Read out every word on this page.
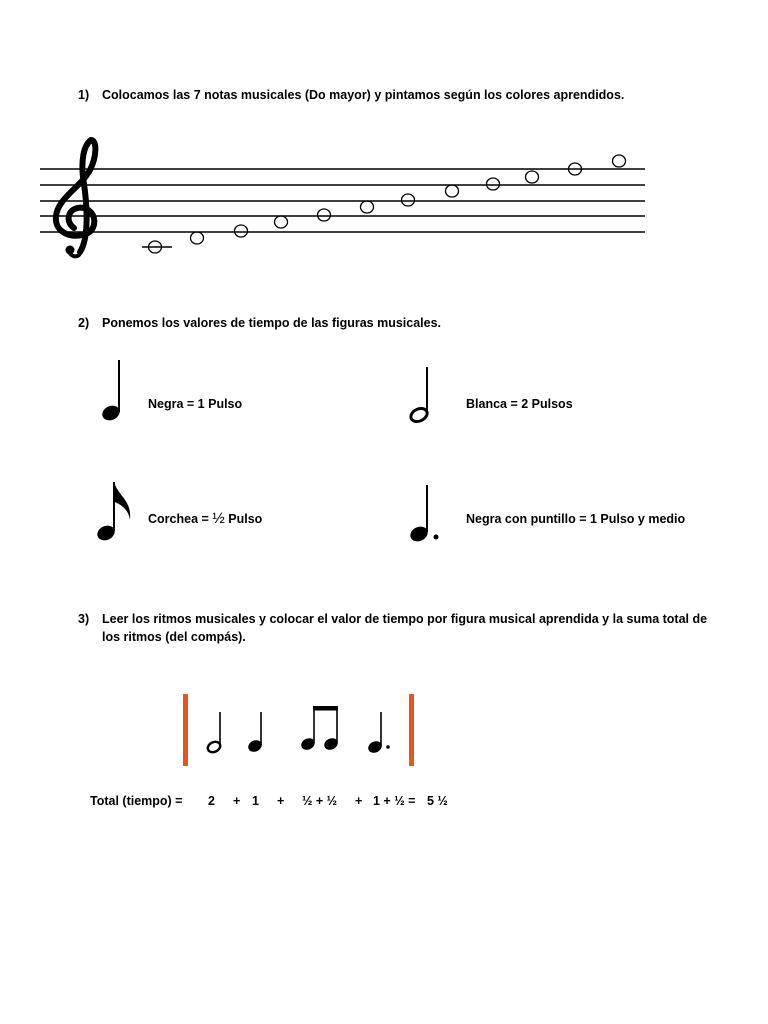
1) Colocamos las 7 notas musicales (Do mayor) y pintamos según los colores aprendidos.
2) Ponemos los valores de tiempo de las figuras musicales.
Negra = 1 Pulso	Blanca = 2 Pulsos
Corchea = ½ Pulso	Negra con puntillo = 1 Pulso y medio
3) Leer los ritmos musicales y colocar el valor de tiempo por figura musical aprendida y la suma total de los ritmos (del compás).
Total (tiempo) = 2 + 1 + ½ + ½ + 1 + ½ = 5 ½
